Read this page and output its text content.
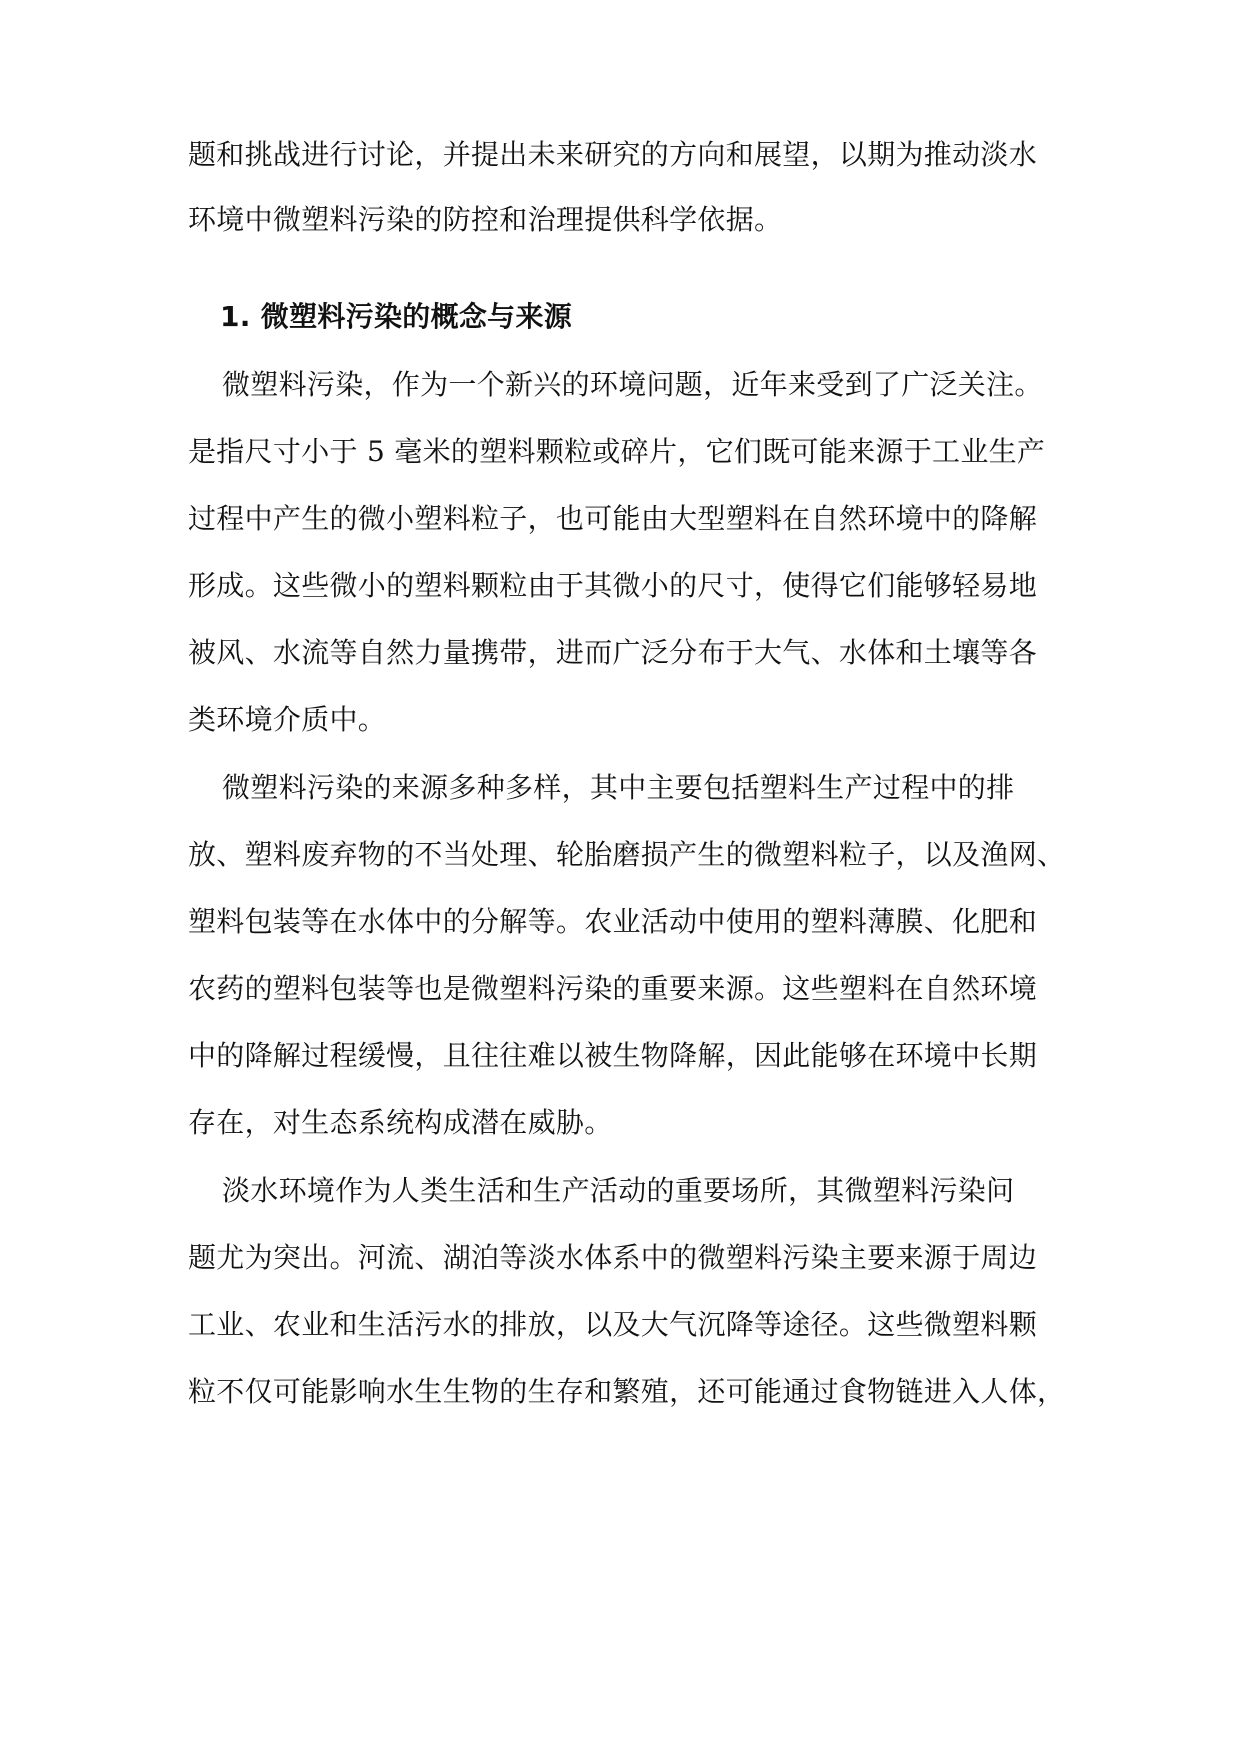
题和挑战进行讨论，并提出未来研究的方向和展望，以期为推动淡水
环境中微塑料污染的防控和治理提供科学依据。
1. 微塑料污染的概念与来源
微塑料污染，作为一个新兴的环境问题，近年来受到了广泛关注。
是指尺寸小于 5 毫米的塑料颗粒或碎片，它们既可能来源于工业生产
过程中产生的微小塑料粒子，也可能由大型塑料在自然环境中的降解
形成。这些微小的塑料颗粒由于其微小的尺寸，使得它们能够轻易地
被风、水流等自然力量携带，进而广泛分布于大气、水体和土壤等各
类环境介质中。
微塑料污染的来源多种多样，其中主要包括塑料生产过程中的排
放、塑料废弃物的不当处理、轮胎磨损产生的微塑料粒子，以及渔网、
塑料包装等在水体中的分解等。农业活动中使用的塑料薄膜、化肥和
农药的塑料包装等也是微塑料污染的重要来源。这些塑料在自然环境
中的降解过程缓慢，且往往难以被生物降解，因此能够在环境中长期
存在，对生态系统构成潜在威胁。
淡水环境作为人类生活和生产活动的重要场所，其微塑料污染问
题尤为突出。河流、湖泊等淡水体系中的微塑料污染主要来源于周边
工业、农业和生活污水的排放，以及大气沉降等途径。这些微塑料颗
粒不仅可能影响水生生物的生存和繁殖，还可能通过食物链进入人体，
